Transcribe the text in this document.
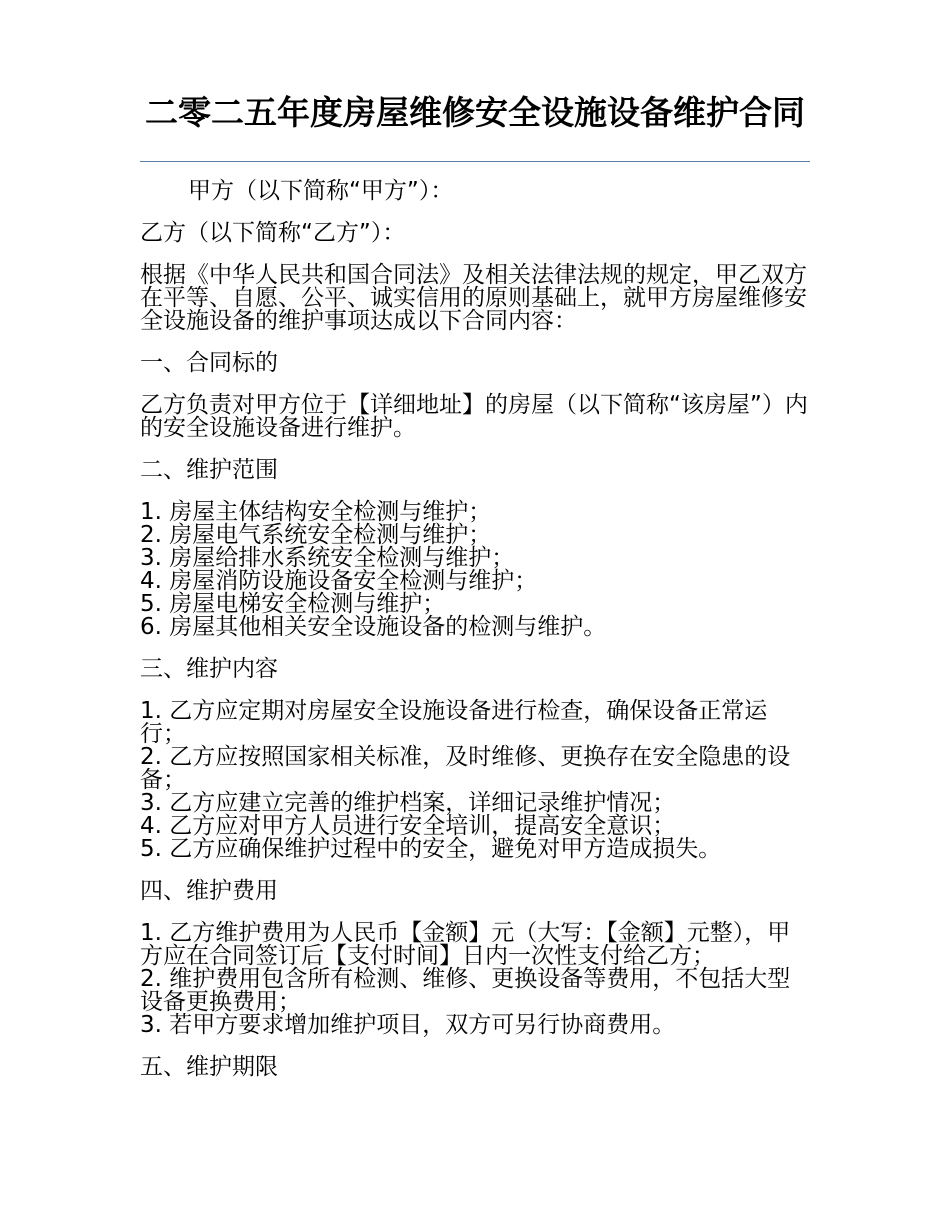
二零二五年度房屋维修安全设施设备维护合同

甲方（以下简称“甲方”）：

乙方（以下简称“乙方”）：

根据《中华人民共和国合同法》及相关法律法规的规定，甲乙双方在平等、自愿、公平、诚实信用的原则基础上，就甲方房屋维修安全设施设备的维护事项达成以下合同内容：

一、合同标的

乙方负责对甲方位于【详细地址】的房屋（以下简称“该房屋”）内的安全设施设备进行维护。

二、维护范围

1. 房屋主体结构安全检测与维护；

2. 房屋电气系统安全检测与维护；

3. 房屋给排水系统安全检测与维护；

4. 房屋消防设施设备安全检测与维护；

5. 房屋电梯安全检测与维护；

6. 房屋其他相关安全设施设备的检测与维护。

三、维护内容

1. 乙方应定期对房屋安全设施设备进行检查，确保设备正常运行；

2. 乙方应按照国家相关标准，及时维修、更换存在安全隐患的设备；

3. 乙方应建立完善的维护档案，详细记录维护情况；

4. 乙方应对甲方人员进行安全培训，提高安全意识；

5. 乙方应确保维护过程中的安全，避免对甲方造成损失。

四、维护费用

1. 乙方维护费用为人民币【金额】元（大写：【金额】元整），甲方应在合同签订后【支付时间】日内一次性支付给乙方；

2. 维护费用包含所有检测、维修、更换设备等费用，不包括大型设备更换费用；

3. 若甲方要求增加维护项目，双方可另行协商费用。

五、维护期限
